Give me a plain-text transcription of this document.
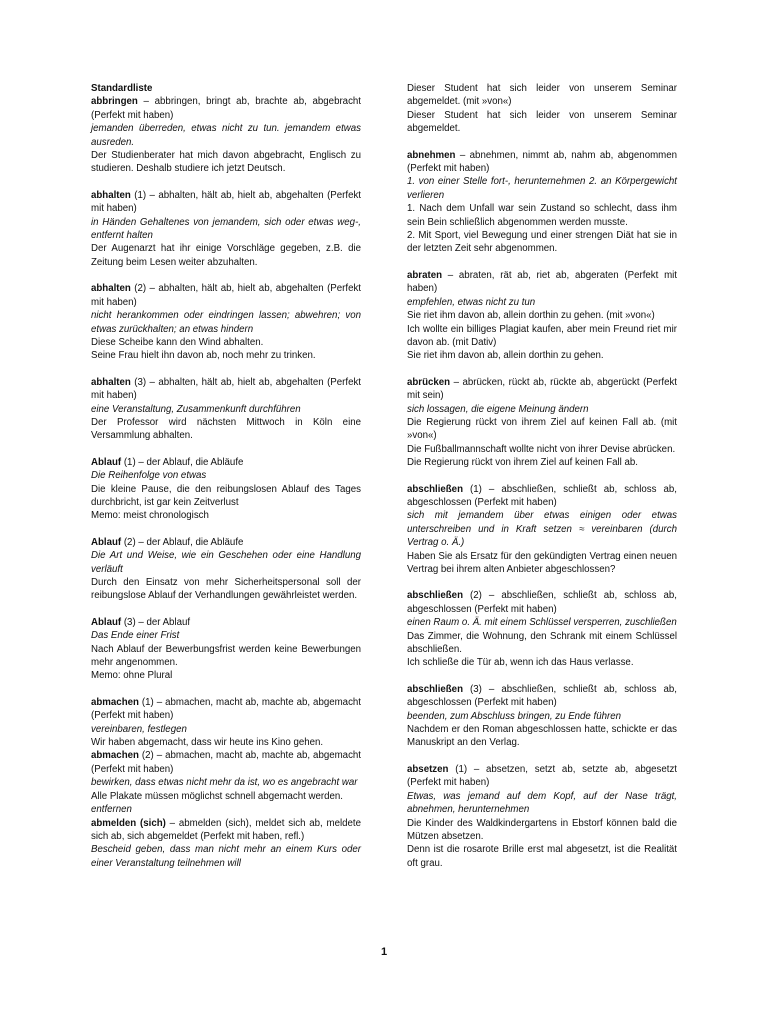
Standardliste
abbringen – abbringen, bringt ab, brachte ab, abgebracht (Perfekt mit haben)
jemanden überreden, etwas nicht zu tun. jemandem etwas ausreden.
Der Studienberater hat mich davon abgebracht, Englisch zu studieren. Deshalb studiere ich jetzt Deutsch.
abhalten (1) – abhalten, hält ab, hielt ab, abgehalten (Perfekt mit haben)
in Händen Gehaltenes von jemandem, sich oder etwas weg-, entfernt halten
Der Augenarzt hat ihr einige Vorschläge gegeben, z.B. die Zeitung beim Lesen weiter abzuhalten.
abhalten (2) – abhalten, hält ab, hielt ab, abgehalten (Perfekt mit haben)
nicht herankommen oder eindringen lassen; abwehren; von etwas zurückhalten; an etwas hindern
Diese Scheibe kann den Wind abhalten.
Seine Frau hielt ihn davon ab, noch mehr zu trinken.
abhalten (3) – abhalten, hält ab, hielt ab, abgehalten (Perfekt mit haben)
eine Veranstaltung, Zusammenkunft durchführen
Der Professor wird nächsten Mittwoch in Köln eine Versammlung abhalten.
Ablauf (1) – der Ablauf, die Abläufe
Die Reihenfolge von etwas
Die kleine Pause, die den reibungslosen Ablauf des Tages durchbricht, ist gar kein Zeitverlust
Memo: meist chronologisch
Ablauf (2) – der Ablauf, die Abläufe
Die Art und Weise, wie ein Geschehen oder eine Handlung verläuft
Durch den Einsatz von mehr Sicherheitspersonal soll der reibungslose Ablauf der Verhandlungen gewährleistet werden.
Ablauf (3) – der Ablauf
Das Ende einer Frist
Nach Ablauf der Bewerbungsfrist werden keine Bewerbungen mehr angenommen.
Memo: ohne Plural
abmachen (1) – abmachen, macht ab, machte ab, abgemacht (Perfekt mit haben)
vereinbaren, festlegen
Wir haben abgemacht, dass wir heute ins Kino gehen.
abmachen (2) – abmachen, macht ab, machte ab, abgemacht (Perfekt mit haben)
bewirken, dass etwas nicht mehr da ist, wo es angebracht war
Alle Plakate müssen möglichst schnell abgemacht werden.
entfernen
abmelden (sich) – abmelden (sich), meldet sich ab, meldete sich ab, sich abgemeldet (Perfekt mit haben, refl.)
Bescheid geben, dass man nicht mehr an einem Kurs oder einer Veranstaltung teilnehmen will
Dieser Student hat sich leider von unserem Seminar abgemeldet. (mit »von«)
Dieser Student hat sich leider von unserem Seminar abgemeldet.
abnehmen – abnehmen, nimmt ab, nahm ab, abgenommen (Perfekt mit haben)
1. von einer Stelle fort-, herunternehmen 2. an Körpergewicht verlieren
1. Nach dem Unfall war sein Zustand so schlecht, dass ihm sein Bein schließlich abgenommen werden musste.
2. Mit Sport, viel Bewegung und einer strengen Diät hat sie in der letzten Zeit sehr abgenommen.
abraten – abraten, rät ab, riet ab, abgeraten (Perfekt mit haben)
empfehlen, etwas nicht zu tun
Sie riet ihm davon ab, allein dorthin zu gehen. (mit »von«)
Ich wollte ein billiges Plagiat kaufen, aber mein Freund riet mir davon ab. (mit Dativ)
Sie riet ihm davon ab, allein dorthin zu gehen.
abrücken – abrücken, rückt ab, rückte ab, abgerückt (Perfekt mit sein)
sich lossagen, die eigene Meinung ändern
Die Regierung rückt von ihrem Ziel auf keinen Fall ab. (mit »von«)
Die Fußballmannschaft wollte nicht von ihrer Devise abrücken.
Die Regierung rückt von ihrem Ziel auf keinen Fall ab.
abschließen (1) – abschließen, schließt ab, schloss ab, abgeschlossen (Perfekt mit haben)
sich mit jemandem über etwas einigen oder etwas unterschreiben und in Kraft setzen ≈ vereinbaren (durch Vertrag o. Ä.)
Haben Sie als Ersatz für den gekündigten Vertrag einen neuen Vertrag bei ihrem alten Anbieter abgeschlossen?
abschließen (2) – abschließen, schließt ab, schloss ab, abgeschlossen (Perfekt mit haben)
einen Raum o. Ä. mit einem Schlüssel versperren, zuschließen
Das Zimmer, die Wohnung, den Schrank mit einem Schlüssel abschließen.
Ich schließe die Tür ab, wenn ich das Haus verlasse.
abschließen (3) – abschließen, schließt ab, schloss ab, abgeschlossen (Perfekt mit haben)
beenden, zum Abschluss bringen, zu Ende führen
Nachdem er den Roman abgeschlossen hatte, schickte er das Manuskript an den Verlag.
absetzen (1) – absetzen, setzt ab, setzte ab, abgesetzt (Perfekt mit haben)
Etwas, was jemand auf dem Kopf, auf der Nase trägt, abnehmen, herunternehmen
Die Kinder des Waldkindergartens in Ebstorf können bald die Mützen absetzen.
Denn ist die rosarote Brille erst mal abgesetzt, ist die Realität oft grau.
1
